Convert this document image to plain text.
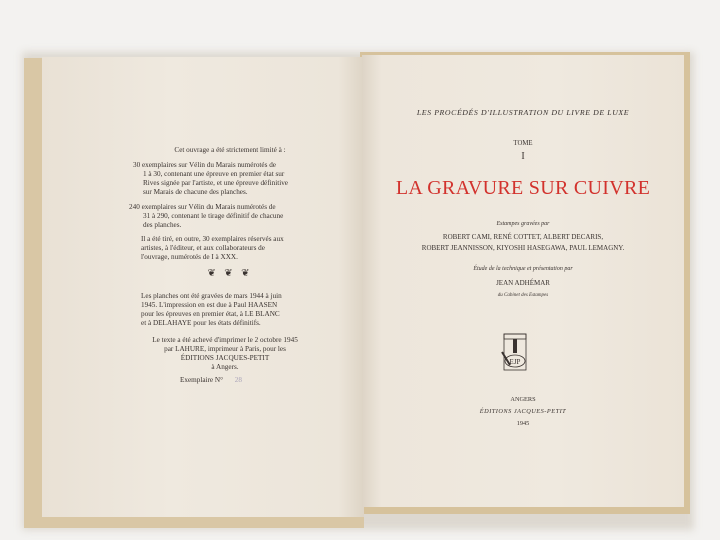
Cet ouvrage a été strictement limité à :
30 exemplaires sur Vélin du Marais numérotés de
1 à 30, contenant une épreuve en premier état sur
Rives signée par l'artiste, et une épreuve définitive
sur Marais de chacune des planches.
240 exemplaires sur Vélin du Marais numérotés de
31 à 290, contenant le tirage définitif de chacune
des planches.
Il a été tiré, en outre, 30 exemplaires réservés aux
artistes, à l'éditeur, et aux collaborateurs de
l'ouvrage, numérotés de I à XXX.
❦ ❦ ❦
Les planches ont été gravées de mars 1944 à juin
1945. L'impression en est due à Paul HAASEN
pour les épreuves en premier état, à LE BLANC
et à DELAHAYE pour les états définitifs.
Le texte a été achevé d'imprimer le 2 octobre 1945
par LAHURE, imprimeur à Paris, pour les
ÉDITIONS JACQUES-PETIT
à Angers.
Exemplaire N° 28
LES PROCÉDÉS D'ILLUSTRATION DU LIVRE DE LUXE
TOME
I
LA GRAVURE SUR CUIVRE
Estampes gravées par
ROBERT CAMI, RENÉ COTTET, ALBERT DECARIS,
ROBERT JEANNISSON, KIYOSHI HASEGAWA, PAUL LEMAGNY.
Étude de la technique et présentation par
JEAN ADHÉMAR
du Cabinet des Estampes
EJP
ANGERS
ÉDITIONS JACQUES-PETIT
1945
